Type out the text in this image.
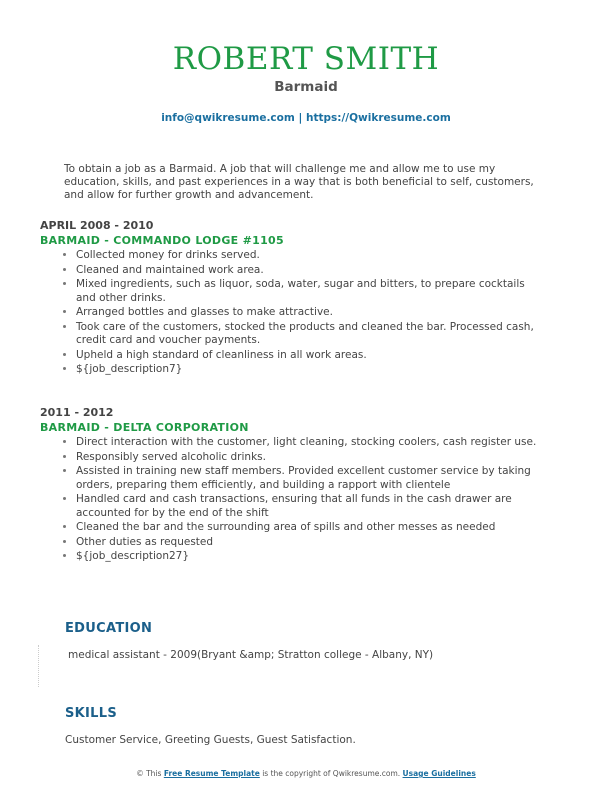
ROBERT SMITH
Barmaid
info@qwikresume.com | https://Qwikresume.com
To obtain a job as a Barmaid. A job that will challenge me and allow me to use my education, skills, and past experiences in a way that is both beneficial to self, customers, and allow for further growth and advancement.
APRIL 2008 - 2010
BARMAID - COMMANDO LODGE #1105
• Collected money for drinks served.
• Cleaned and maintained work area.
• Mixed ingredients, such as liquor, soda, water, sugar and bitters, to prepare cocktails and other drinks.
• Arranged bottles and glasses to make attractive.
• Took care of the customers, stocked the products and cleaned the bar. Processed cash, credit card and voucher payments.
• Upheld a high standard of cleanliness in all work areas.
• ${job_description7}
2011 - 2012
BARMAID - DELTA CORPORATION
• Direct interaction with the customer, light cleaning, stocking coolers, cash register use.
• Responsibly served alcoholic drinks.
• Assisted in training new staff members. Provided excellent customer service by taking orders, preparing them efficiently, and building a rapport with clientele
• Handled card and cash transactions, ensuring that all funds in the cash drawer are accounted for by the end of the shift
• Cleaned the bar and the surrounding area of spills and other messes as needed
• Other duties as requested
• ${job_description27}
EDUCATION
medical assistant - 2009(Bryant &amp; Stratton college - Albany, NY)
SKILLS
Customer Service, Greeting Guests, Guest Satisfaction.
© This Free Resume Template is the copyright of Qwikresume.com. Usage Guidelines
